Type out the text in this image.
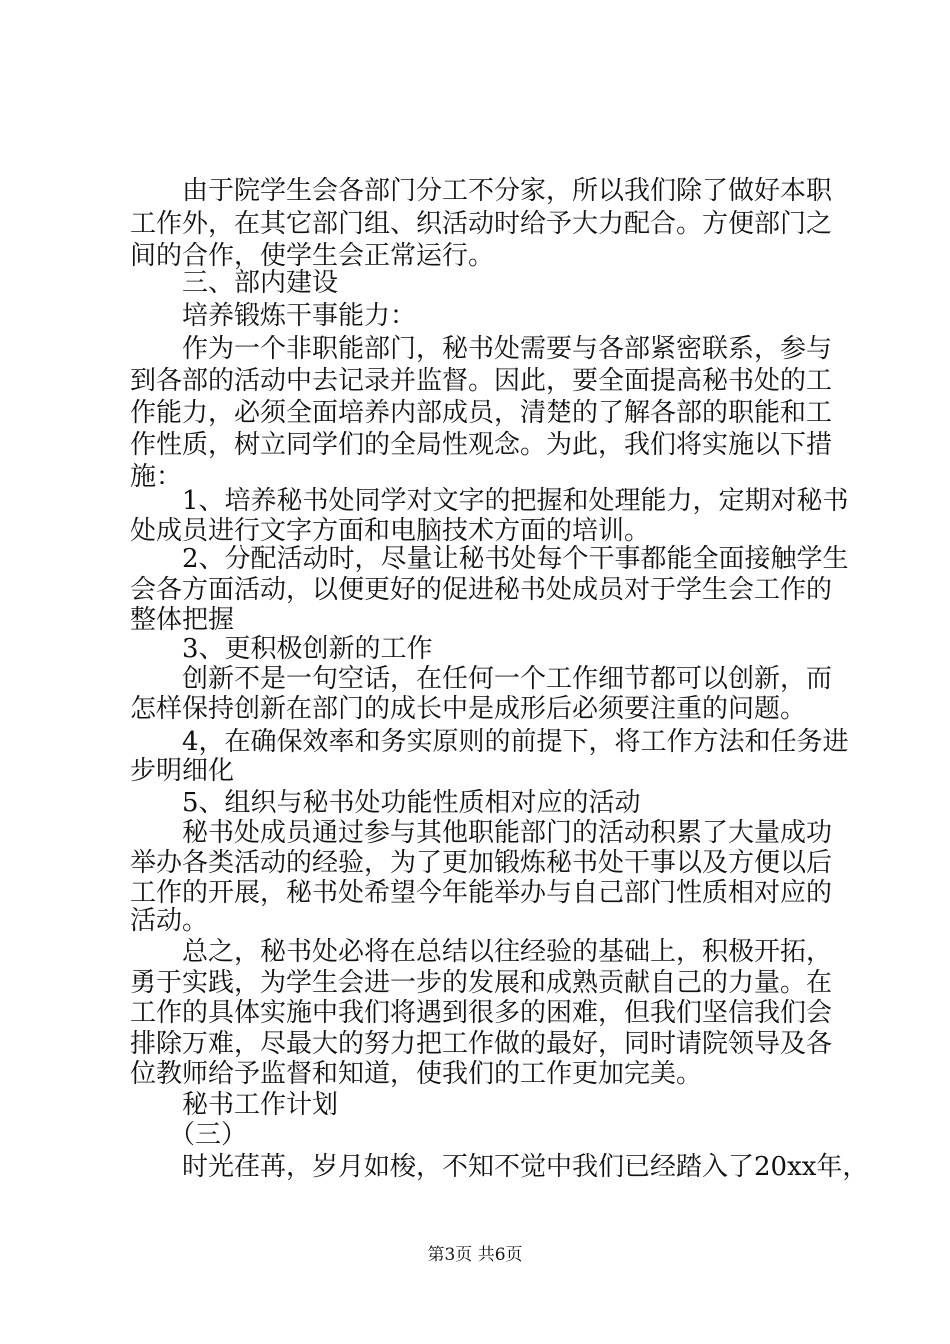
　　由于院学生会各部门分工不分家，所以我们除了做好本职
工作外，在其它部门组、织活动时给予大力配合。方便部门之
间的合作，使学生会正常运行。
　　三、部内建设
　　培养锻炼干事能力：
　　作为一个非职能部门，秘书处需要与各部紧密联系，参与
到各部的活动中去记录并监督。因此，要全面提高秘书处的工
作能力，必须全面培养内部成员，清楚的了解各部的职能和工
作性质，树立同学们的全局性观念。为此，我们将实施以下措
施：
　　1、培养秘书处同学对文字的把握和处理能力，定期对秘书
处成员进行文字方面和电脑技术方面的培训。
　　2、分配活动时，尽量让秘书处每个干事都能全面接触学生
会各方面活动，以便更好的促进秘书处成员对于学生会工作的
整体把握
　　3、更积极创新的工作
　　创新不是一句空话，在任何一个工作细节都可以创新，而
怎样保持创新在部门的成长中是成形后必须要注重的问题。
　　4，在确保效率和务实原则的前提下，将工作方法和任务进
步明细化
　　5、组织与秘书处功能性质相对应的活动
　　秘书处成员通过参与其他职能部门的活动积累了大量成功
举办各类活动的经验，为了更加锻炼秘书处干事以及方便以后
工作的开展，秘书处希望今年能举办与自己部门性质相对应的
活动。
　　总之，秘书处必将在总结以往经验的基础上，积极开拓，
勇于实践，为学生会进一步的发展和成熟贡献自己的力量。在
工作的具体实施中我们将遇到很多的困难，但我们坚信我们会
排除万难，尽最大的努力把工作做的最好，同时请院领导及各
位教师给予监督和知道，使我们的工作更加完美。
　　秘书工作计划
　　（三）
　　时光荏苒，岁月如梭，不知不觉中我们已经踏入了20xx年，
第3页 共6页
